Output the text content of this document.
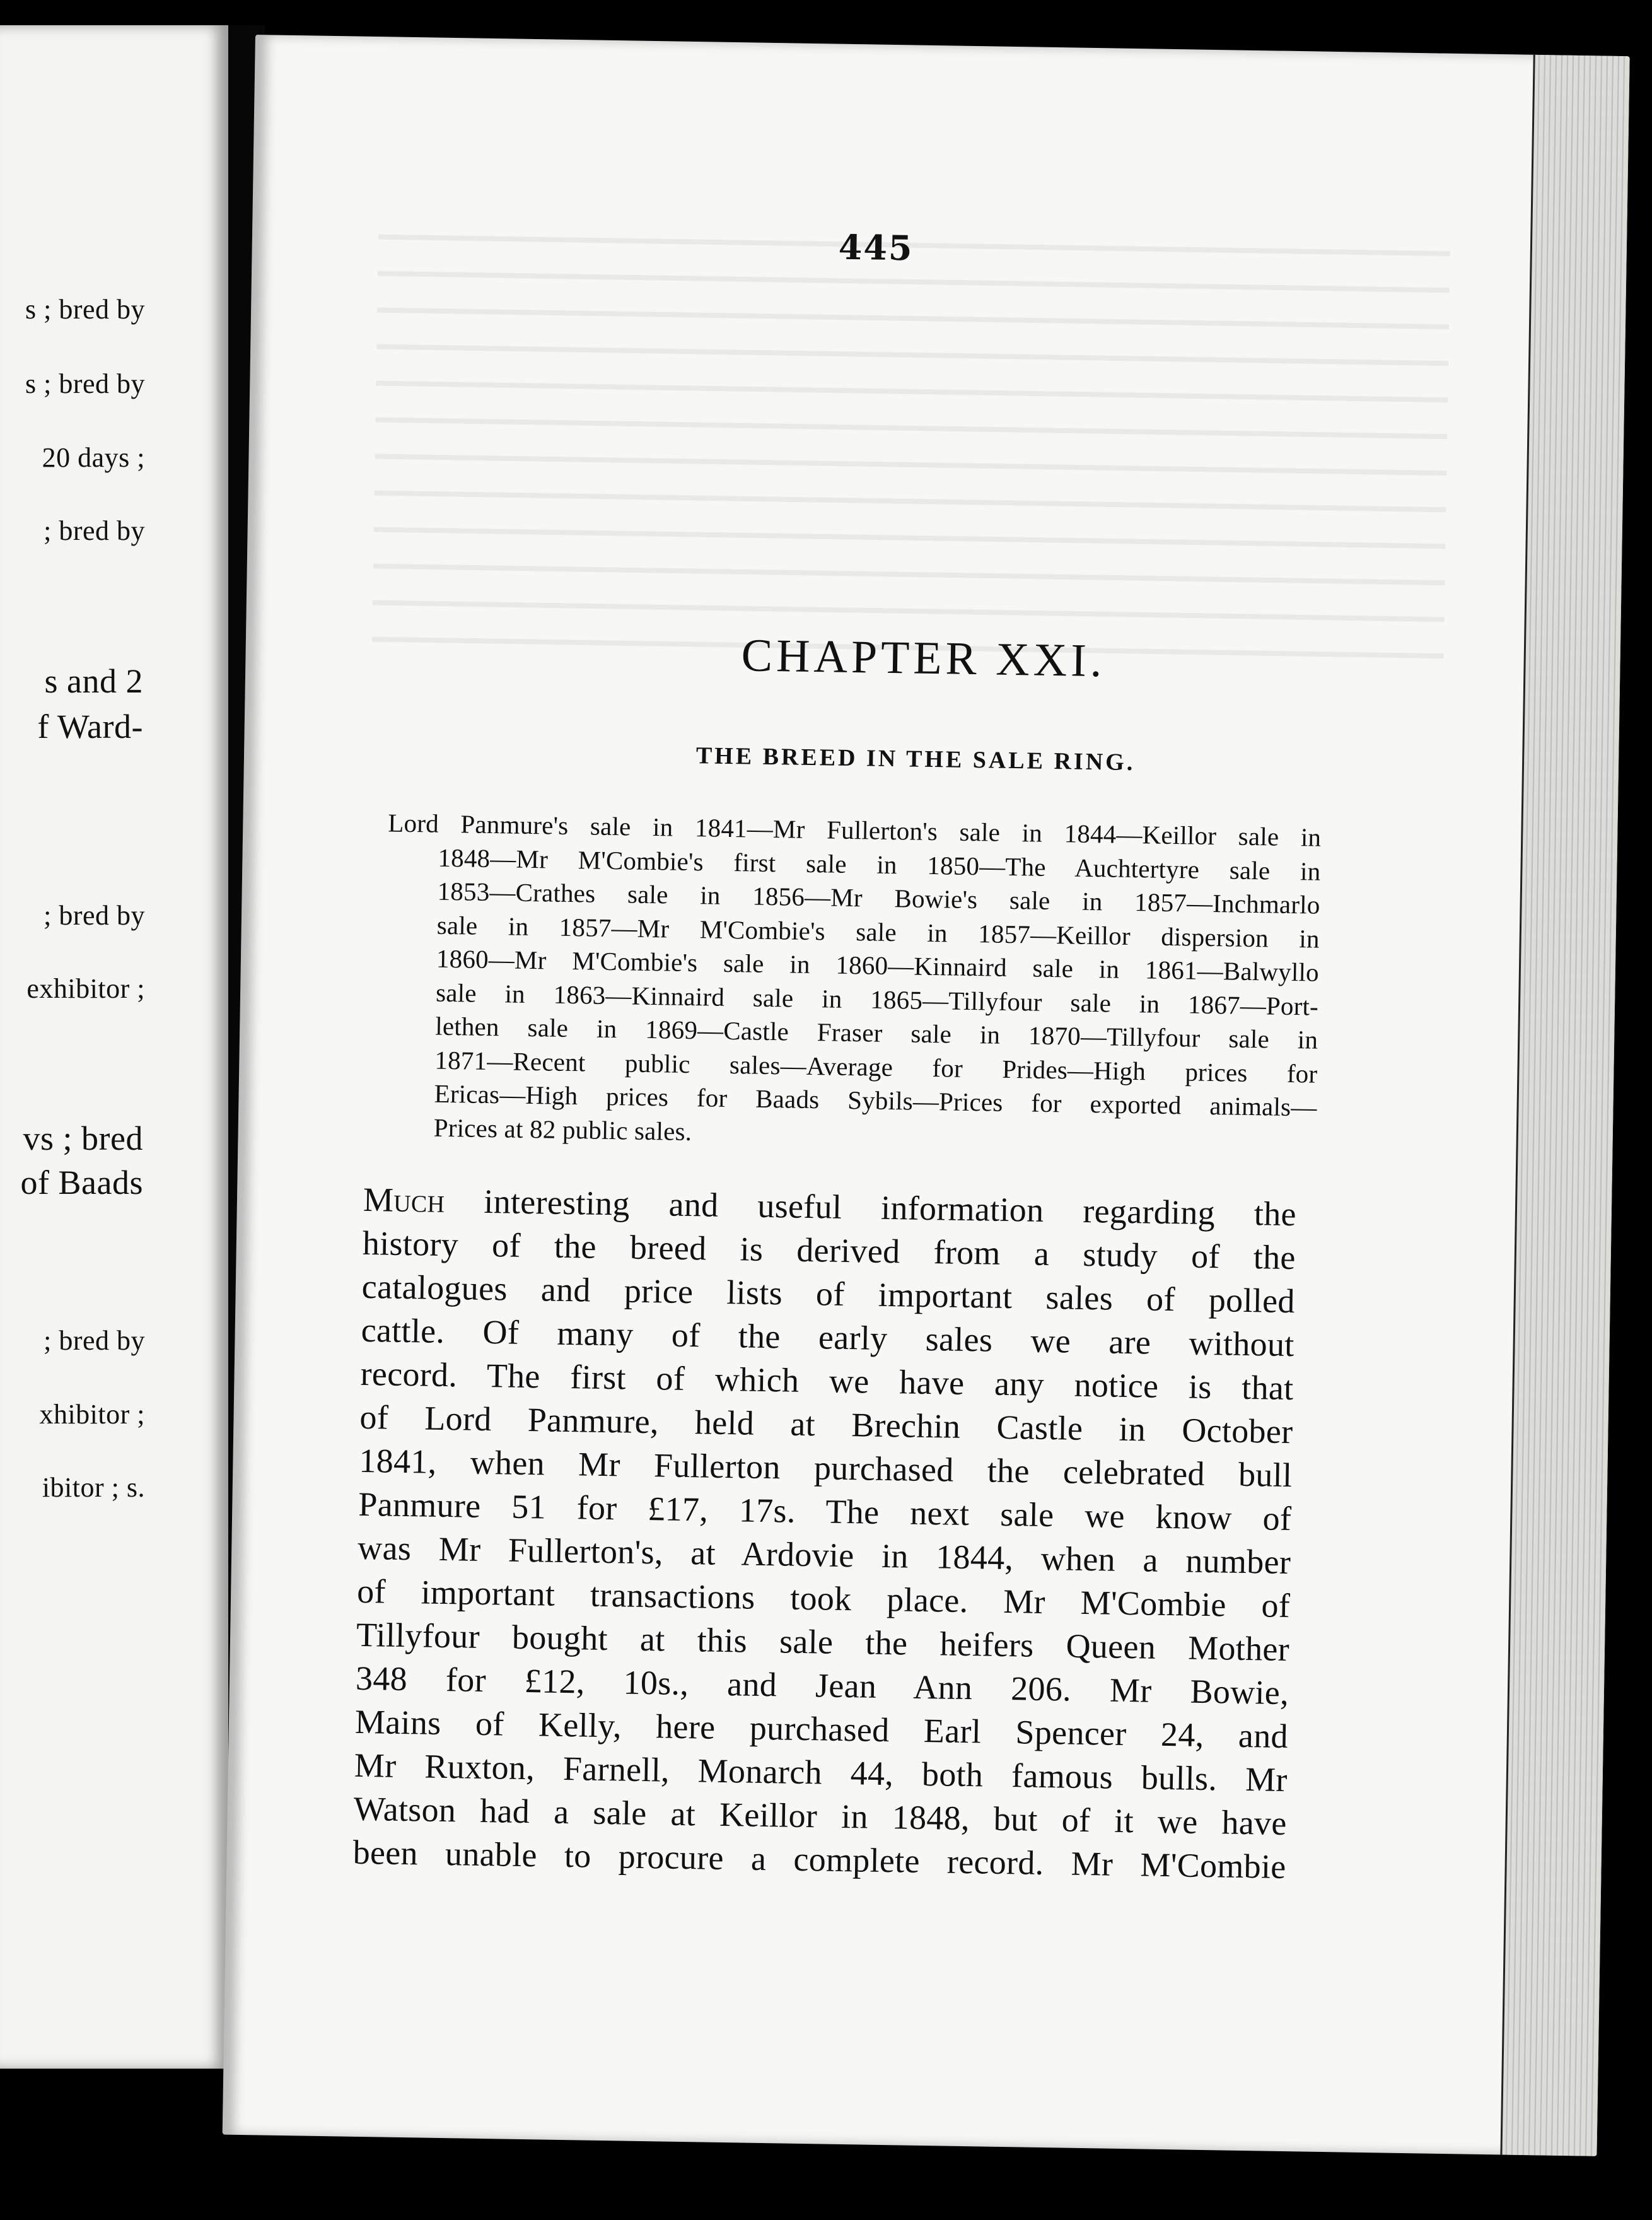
s ; bred by
s ; bred by
20 days ;
; bred by
s and 2
f Ward-
; bred by
exhibitor ;
vs ; bred
of Baads
; bred by
xhibitor ;
ibitor ; s.
445
CHAPTER XXI.
THE BREED IN THE SALE RING.
Lord Panmure's sale in 1841—Mr Fullerton's sale in 1844—Keillor sale in
1848—Mr M'Combie's first sale in 1850—The Auchtertyre sale in
1853—Crathes sale in 1856—Mr Bowie's sale in 1857—Inchmarlo
sale in 1857—Mr M'Combie's sale in 1857—Keillor dispersion in
1860—Mr M'Combie's sale in 1860—Kinnaird sale in 1861—Balwyllo
sale in 1863—Kinnaird sale in 1865—Tillyfour sale in 1867—Port-
lethen sale in 1869—Castle Fraser sale in 1870—Tillyfour sale in
1871—Recent public sales—Average for Prides—High prices for
Ericas—High prices for Baads Sybils—Prices for exported animals—
Prices at 82 public sales.
Much interesting and useful information regarding the
history of the breed is derived from a study of the
catalogues and price lists of important sales of polled
cattle. Of many of the early sales we are without
record. The first of which we have any notice is that
of Lord Panmure, held at Brechin Castle in October
1841, when Mr Fullerton purchased the celebrated bull
Panmure 51 for £17, 17s. The next sale we know of
was Mr Fullerton's, at Ardovie in 1844, when a number
of important transactions took place. Mr M'Combie of
Tillyfour bought at this sale the heifers Queen Mother
348 for £12, 10s., and Jean Ann 206. Mr Bowie,
Mains of Kelly, here purchased Earl Spencer 24, and
Mr Ruxton, Farnell, Monarch 44, both famous bulls. Mr
Watson had a sale at Keillor in 1848, but of it we have
been unable to procure a complete record. Mr M'Combie
